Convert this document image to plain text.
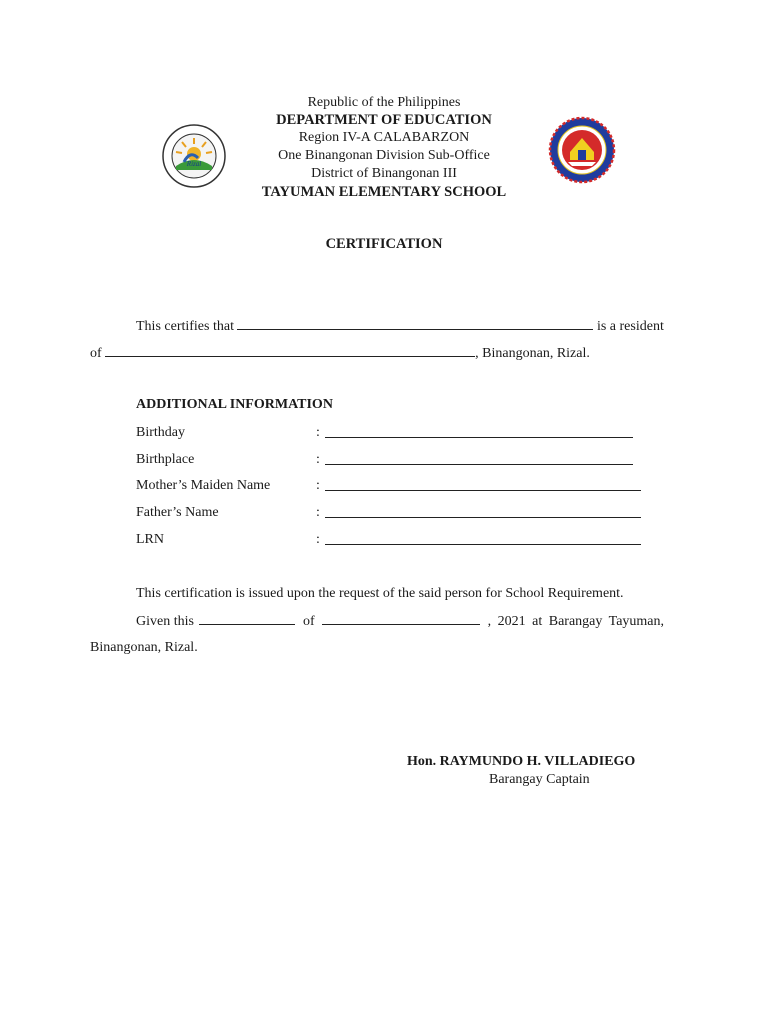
Rizal
Republic of the Philippines
DEPARTMENT OF EDUCATION
Region IV-A CALABARZON
One Binangonan Division Sub-Office
District of Binangonan III
TAYUMAN ELEMENTARY SCHOOL
CERTIFICATION
This certifies that	is a resident
of	, Binangonan, Rizal.
ADDITIONAL INFORMATION
Birthday	:
Birthplace	:
Mother’s Maiden Name	:
Father’s Name	:
LRN	:
This certification is issued upon the request of the said person for School Requirement.
Given this	of	, 2021 at Barangay Tayuman,
Binangonan, Rizal.
Hon. RAYMUNDO H. VILLADIEGO
Barangay Captain
